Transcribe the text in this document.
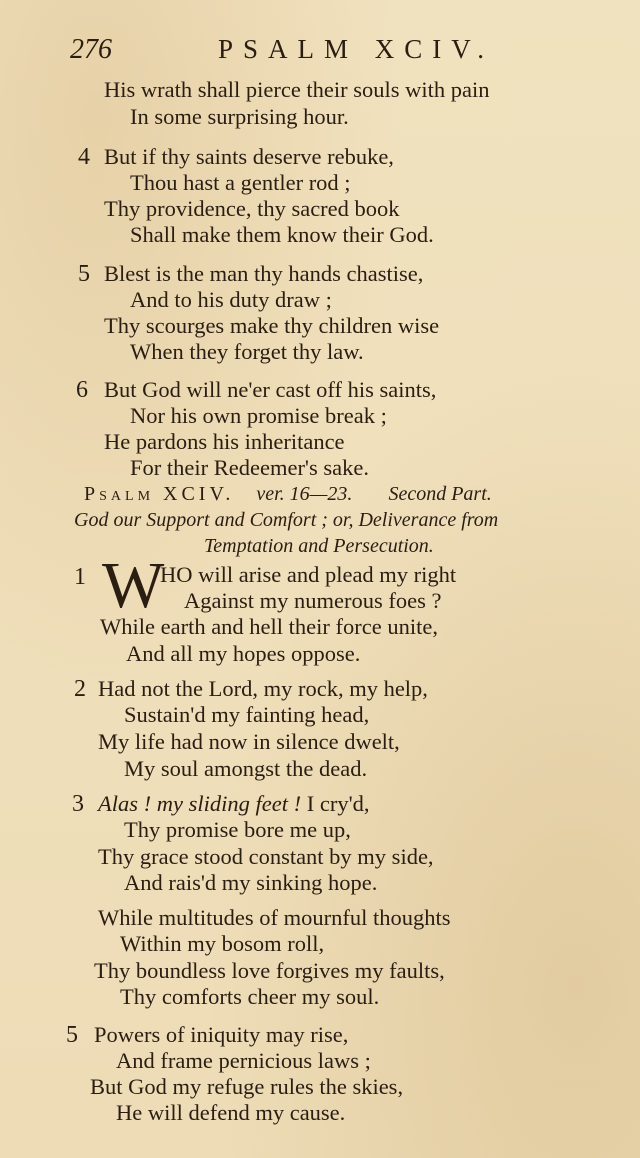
276	PSALM XCIV.
His wrath shall pierce their souls with pain
In some surprising hour.
4 But if thy saints deserve rebuke,
Thou hast a gentler rod ;
Thy providence, thy sacred book
Shall make them know their God.
5 Blest is the man thy hands chastise,
And to his duty draw ;
Thy scourges make thy children wise
When they forget thy law.
6 But God will ne'er cast off his saints,
Nor his own promise break ;
He pardons his inheritance
For their Redeemer's sake.
Psalm XCIV. ver. 16—23. Second Part.
God our Support and Comfort ; or, Deliverance from
Temptation and Persecution.
1 W
HO will arise and plead my right
Against my numerous foes ?
While earth and hell their force unite,
And all my hopes oppose.
2 Had not the Lord, my rock, my help,
Sustain'd my fainting head,
My life had now in silence dwelt,
My soul amongst the dead.
3 Alas ! my sliding feet ! I cry'd,
Thy promise bore me up,
Thy grace stood constant by my side,
And rais'd my sinking hope.
While multitudes of mournful thoughts
Within my bosom roll,
Thy boundless love forgives my faults,
Thy comforts cheer my soul.
5 Powers of iniquity may rise,
And frame pernicious laws ;
But God my refuge rules the skies,
He will defend my cause.
